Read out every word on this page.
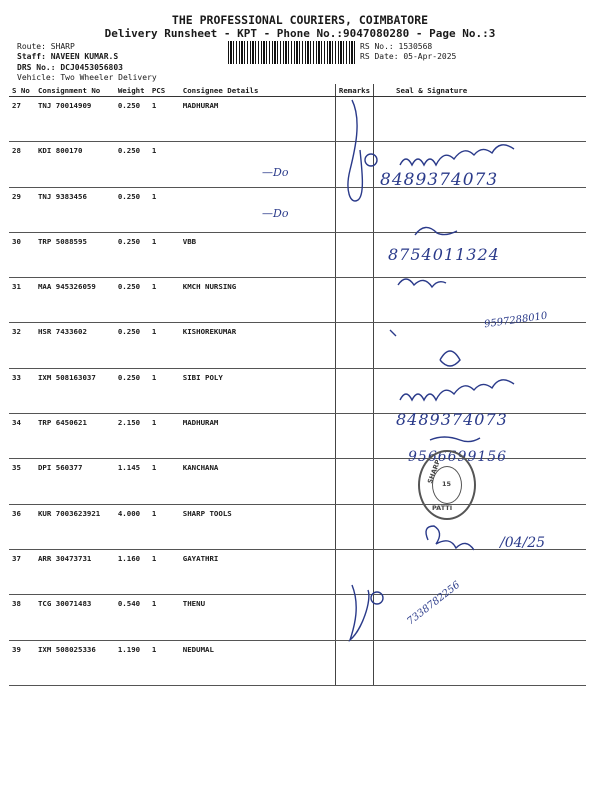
THE PROFESSIONAL COURIERS, COIMBATORE
Delivery Runsheet - KPT - Phone No.:9047080280 - Page No.:3
Route: SHARP
Staff: NAVEEN KUMAR.S
DRS No.: DCJ0453056803
Vehicle: Two Wheeler Delivery
RS No.: 1530568
RS Date: 05-Apr-2025
S No	Consignment No	Weight	PCS	Consignee Details	Remarks	Seal & Signature
27	TNJ 70014909	0.250	1	MADHURAM		
28	KDI 800170	0.250	1			
29	TNJ 9383456	0.250	1			
30	TRP 5088595	0.250	1	VBB		
31	MAA 945326059	0.250	1	KMCH NURSING		
32	HSR 7433602	0.250	1	KISHOREKUMAR		
33	IXM 508163037	0.250	1	SIBI POLY		
34	TRP 6450621	2.150	1	MADHURAM		
35	DPI 560377	1.145	1	KANCHANA		
36	KUR 7003623921	4.000	1	SHARP TOOLS		
37	ARR 30473731	1.160	1	GAYATHRI		
38	TCG 30071483	0.540	1	THENU		
39	IXM 508025336	1.190	1	NEDUMAL		
—Do
—Do
8489374073
8754011324
9597288010
8489374073
9566699156
7338782256
/04/25
SHARP 15
PATTI
